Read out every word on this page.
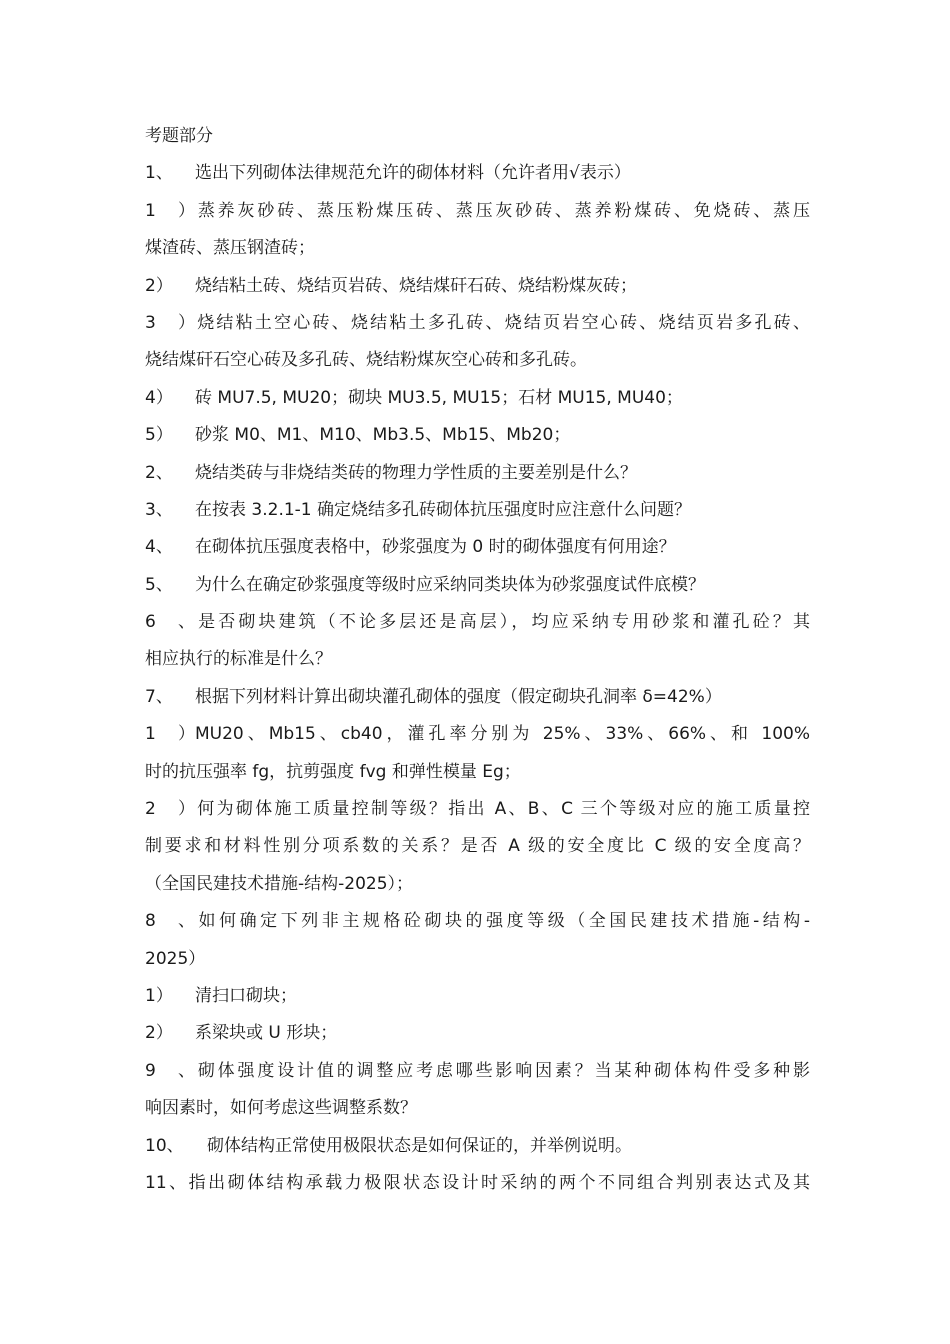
考题部分
1、 选出下列砌体法律规范允许的砌体材料（允许者用√表示）
1）蒸养灰砂砖、蒸压粉煤压砖、蒸压灰砂砖、蒸养粉煤砖、免烧砖、蒸压
煤渣砖、蒸压钢渣砖；
2） 烧结粘土砖、烧结页岩砖、烧结煤矸石砖、烧结粉煤灰砖；
3）烧结粘土空心砖、烧结粘土多孔砖、烧结页岩空心砖、烧结页岩多孔砖、
烧结煤矸石空心砖及多孔砖、烧结粉煤灰空心砖和多孔砖。
4） 砖 MU7.5, MU20；砌块 MU3.5, MU15；石材 MU15, MU40；
5） 砂浆 M0、M1、M10、Mb3.5、Mb15、Mb20；
2、 烧结类砖与非烧结类砖的物理力学性质的主要差别是什么？
3、 在按表 3.2.1-1 确定烧结多孔砖砌体抗压强度时应注意什么问题？
4、 在砌体抗压强度表格中，砂浆强度为 0 时的砌体强度有何用途？
5、 为什么在确定砂浆强度等级时应采纳同类块体为砂浆强度试件底模？
6、是否砌块建筑（不论多层还是高层），均应采纳专用砂浆和灌孔砼？其
相应执行的标准是什么？
7、 根据下列材料计算出砌块灌孔砌体的强度（假定砌块孔洞率 δ=42%）
1）MU20、Mb15、cb40，灌孔率分别为 25%、33%、66%、和 100%
时的抗压强率 fg，抗剪强度 fvg 和弹性模量 Eg；
2）何为砌体施工质量控制等级？指出 A、B、C 三个等级对应的施工质量控
制要求和材料性别分项系数的关系？是否 A 级的安全度比 C 级的安全度高？
（全国民建技术措施-结构-2025）；
8、如何确定下列非主规格砼砌块的强度等级（全国民建技术措施-结构-
2025）
1） 清扫口砌块；
2） 系梁块或 U 形块；
9、砌体强度设计值的调整应考虑哪些影响因素？当某种砌体构件受多种影
响因素时，如何考虑这些调整系数？
10、 砌体结构正常使用极限状态是如何保证的，并举例说明。
11、指出砌体结构承载力极限状态设计时采纳的两个不同组合判别表达式及其
